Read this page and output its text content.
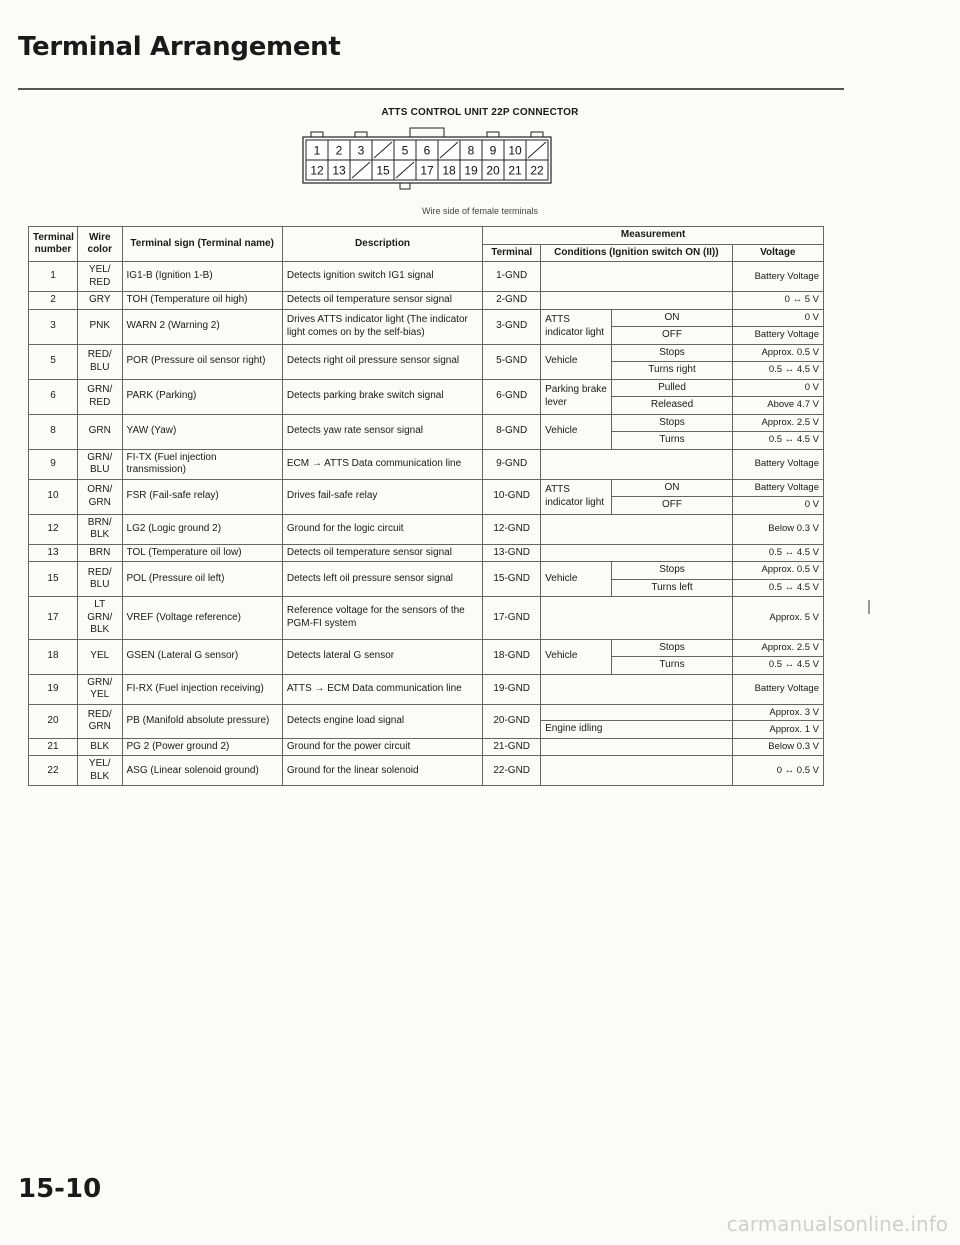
Terminal Arrangement
ATTS CONTROL UNIT 22P CONNECTOR
1 2 3	5 6	8 9 10
12 13	15	17 18 19 20 21 22
Wire side of female terminals
Terminal number	Wire color	Terminal sign (Terminal name)	Description	Measurement			
				Terminal	Conditions (Ignition switch ON (II))		Voltage
1	YEL/ RED	IG1-B (Ignition 1-B)	Detects ignition switch IG1 signal	1-GND			Battery Voltage
2	GRY	TOH (Temperature oil high)	Detects oil temperature sensor signal	2-GND			0 ↔ 5 V
3	PNK	WARN 2 (Warning 2)	Drives ATTS indicator light (The indicator light comes on by the self-bias)	3-GND	ATTS indicator light	ON	0 V
						OFF	Battery Voltage
5	RED/ BLU	POR (Pressure oil sensor right)	Detects right oil pressure sensor signal	5-GND	Vehicle	Stops	Approx. 0.5 V
						Turns right	0.5 ↔ 4.5 V
6	GRN/ RED	PARK (Parking)	Detects parking brake switch signal	6-GND	Parking brake lever	Pulled	0 V
						Released	Above 4.7 V
8	GRN	YAW (Yaw)	Detects yaw rate sensor signal	8-GND	Vehicle	Stops	Approx. 2.5 V
						Turns	0.5 ↔ 4.5 V
9	GRN/ BLU	FI-TX (Fuel injection transmission)	ECM → ATTS Data communication line	9-GND			Battery Voltage
10	ORN/ GRN	FSR (Fail-safe relay)	Drives fail-safe relay	10-GND	ATTS indicator light	ON	Battery Voltage
						OFF	0 V
12	BRN/ BLK	LG2 (Logic ground 2)	Ground for the logic circuit	12-GND			Below 0.3 V
13	BRN	TOL (Temperature oil low)	Detects oil temperature sensor signal	13-GND			0.5 ↔ 4.5 V
15	RED/ BLU	POL (Pressure oil left)	Detects left oil pressure sensor signal	15-GND	Vehicle	Stops	Approx. 0.5 V
						Turns left	0.5 ↔ 4.5 V
17	LT GRN/ BLK	VREF (Voltage reference)	Reference voltage for the sensors of the PGM-FI system	17-GND			Approx. 5 V
18	YEL	GSEN (Lateral G sensor)	Detects lateral G sensor	18-GND	Vehicle	Stops	Approx. 2.5 V
						Turns	0.5 ↔ 4.5 V
19	GRN/ YEL	FI-RX (Fuel injection receiving)	ATTS → ECM Data communication line	19-GND			Battery Voltage
20	RED/ GRN	PB (Manifold absolute pressure)	Detects engine load signal	20-GND			Approx. 3 V
					Engine idling		Approx. 1 V
21	BLK	PG 2 (Power ground 2)	Ground for the power circuit	21-GND			Below 0.3 V
22	YEL/ BLK	ASG (Linear solenoid ground)	Ground for the linear solenoid	22-GND			0 ↔ 0.5 V
15-10
carmanualsonline.info
